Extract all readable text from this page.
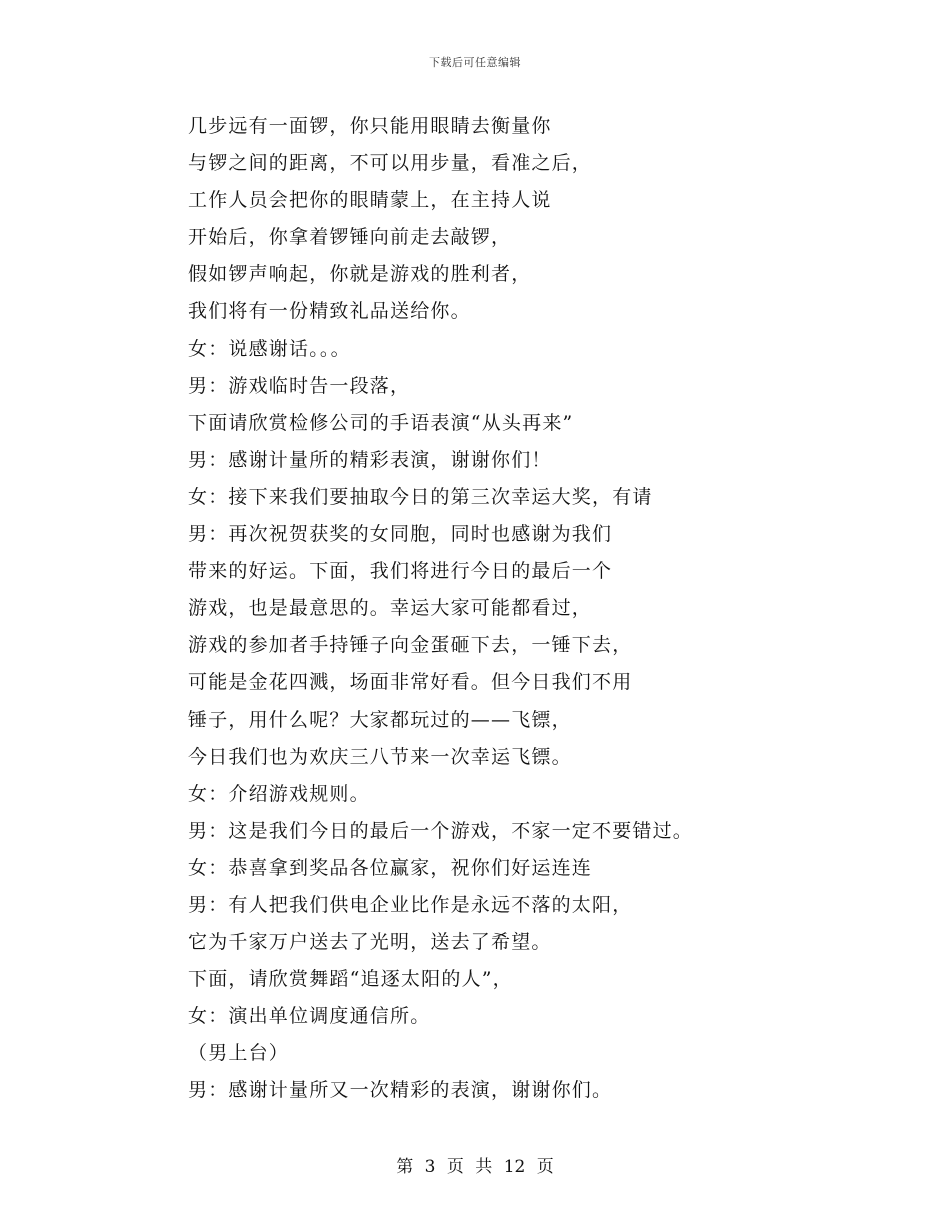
下载后可任意编辑
几步远有一面锣，你只能用眼睛去衡量你
与锣之间的距离，不可以用步量，看准之后，
工作人员会把你的眼睛蒙上，在主持人说
开始后，你拿着锣锤向前走去敲锣，
假如锣声响起，你就是游戏的胜利者，
我们将有一份精致礼品送给你。
女：说感谢话。。。
男：游戏临时告一段落，
下面请欣赏检修公司的手语表演“从头再来”
男：感谢计量所的精彩表演，谢谢你们！
女：接下来我们要抽取今日的第三次幸运大奖，有请
男：再次祝贺获奖的女同胞，同时也感谢为我们
带来的好运。下面，我们将进行今日的最后一个
游戏，也是最意思的。幸运大家可能都看过，
游戏的参加者手持锤子向金蛋砸下去，一锤下去，
可能是金花四溅，场面非常好看。但今日我们不用
锤子，用什么呢？大家都玩过的——飞镖，
今日我们也为欢庆三八节来一次幸运飞镖。
女：介绍游戏规则。
男：这是我们今日的最后一个游戏，不家一定不要错过。
女：恭喜拿到奖品各位赢家，祝你们好运连连
男：有人把我们供电企业比作是永远不落的太阳，
它为千家万户送去了光明，送去了希望。
下面，请欣赏舞蹈“追逐太阳的人”，
女：演出单位调度通信所。
（男上台）
男：感谢计量所又一次精彩的表演，谢谢你们。
第 3 页 共 12 页
